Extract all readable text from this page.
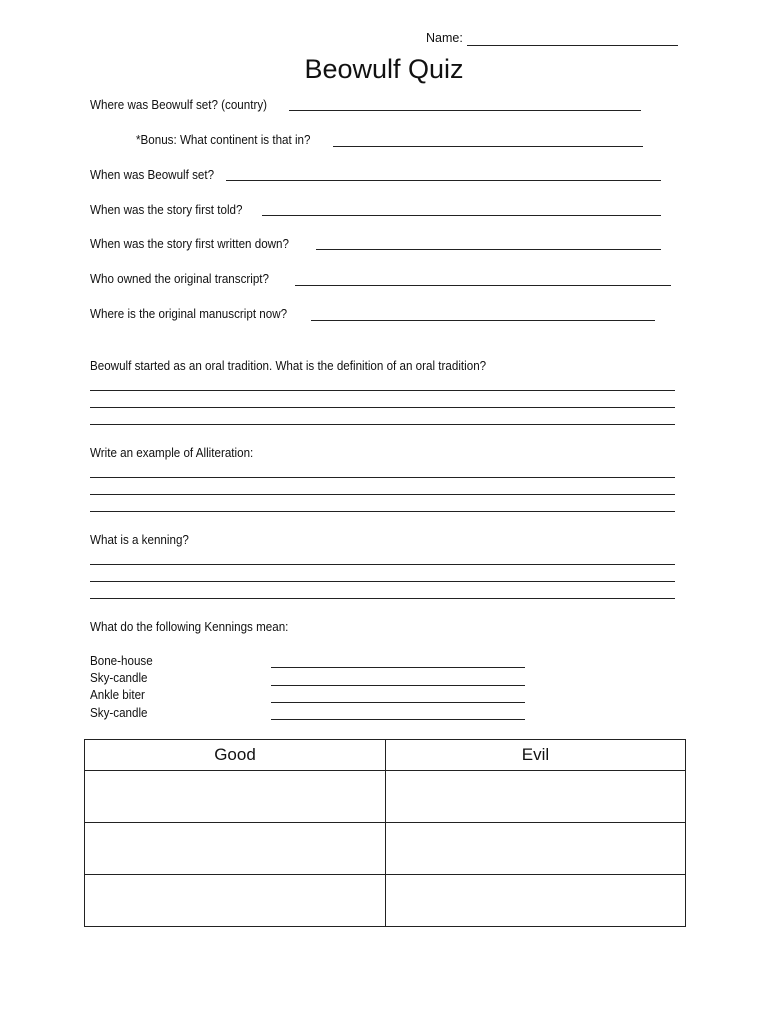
Name:
Beowulf Quiz
Where was Beowulf set? (country)
*Bonus: What continent is that in?
When was Beowulf set?
When was the story first told?
When was the story first written down?
Who owned the original transcript?
Where is the original manuscript now?
Beowulf started as an oral tradition. What is the definition of an oral tradition?
Write an example of Alliteration:
What is a kenning?
What do the following Kennings mean:
Bone-house
Sky-candle
Ankle biter
Sky-candle
Good	Evil
